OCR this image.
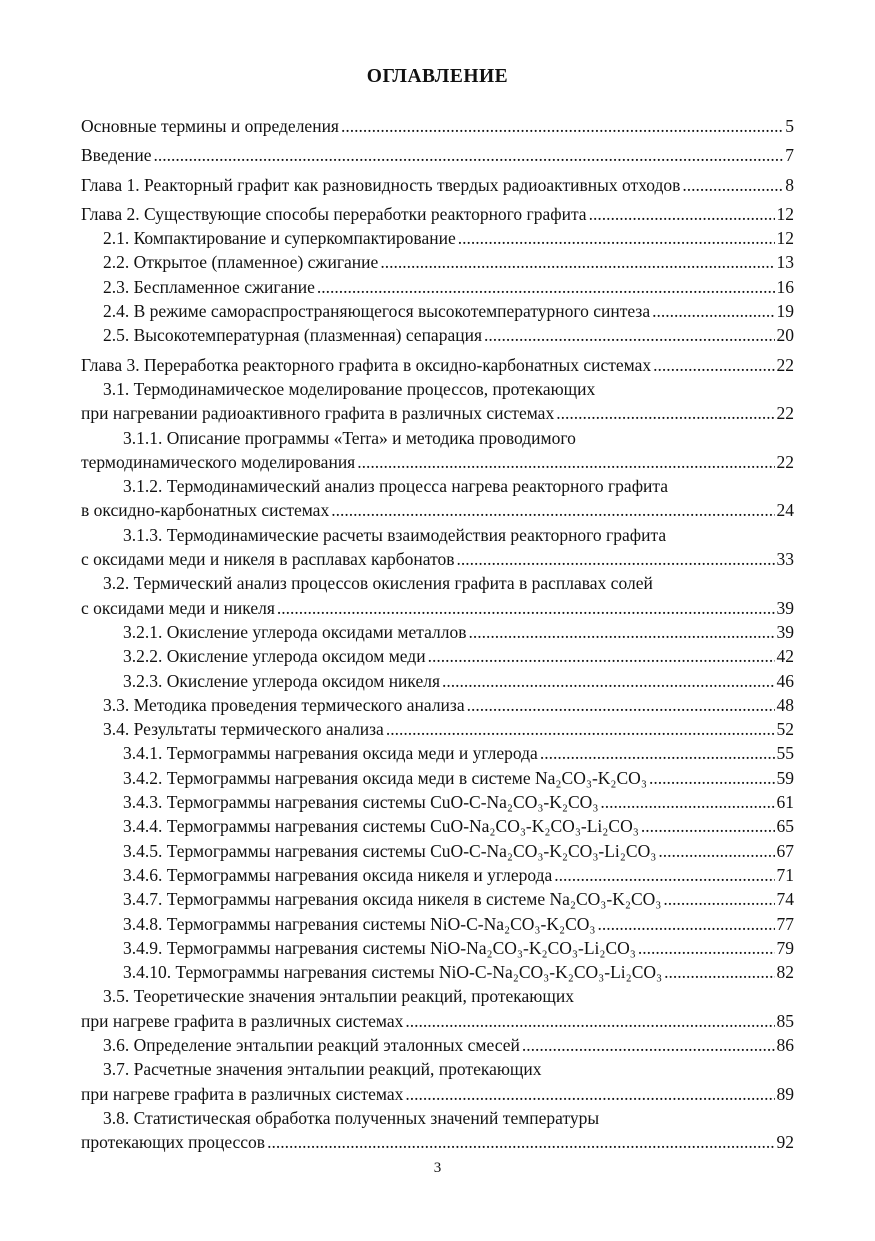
ОГЛАВЛЕНИЕ
Основные термины и определения .....	5
Введение .....	7
Глава 1. Реакторный графит как разновидность твердых радиоактивных отходов .....	8
Глава 2. Существующие способы переработки реакторного графита .....	12
2.1. Компактирование и суперкомпактирование .....	12
2.2. Открытое (пламенное) сжигание .....	13
2.3. Беспламенное сжигание .....	16
2.4. В режиме самораспространяющегося высокотемпературного синтеза .....	19
2.5. Высокотемпературная (плазменная) сепарация .....	20
Глава 3. Переработка реакторного графита в оксидно-карбонатных системах .....	22
3.1. Термодинамическое моделирование процессов, протекающих
при нагревании радиоактивного графита в различных системах .....	22
3.1.1. Описание программы «Terra» и методика проводимого
термодинамического моделирования .....	22
3.1.2. Термодинамический анализ процесса нагрева реакторного графита
в оксидно-карбонатных системах .....	24
3.1.3. Термодинамические расчеты взаимодействия реакторного графита
с оксидами меди и никеля в расплавах карбонатов .....	33
3.2. Термический анализ процессов окисления графита в расплавах солей
с оксидами меди и никеля .....	39
3.2.1. Окисление углерода оксидами металлов .....	39
3.2.2. Окисление углерода оксидом меди .....	42
3.2.3. Окисление углерода оксидом никеля .....	46
3.3. Методика проведения термического анализа .....	48
3.4. Результаты термического анализа .....	52
3.4.1. Термограммы нагревания оксида меди и углерода .....	55
3.4.2. Термограммы нагревания оксида меди в системе Na₂CO₃-K₂CO₃ .....	59
3.4.3. Термограммы нагревания системы CuO-C-Na₂CO₃-K₂CO₃ .....	61
3.4.4. Термограммы нагревания системы CuO-Na₂CO₃-K₂CO₃-Li₂CO₃ .....	65
3.4.5. Термограммы нагревания системы CuO-C-Na₂CO₃-K₂CO₃-Li₂CO₃ .....	67
3.4.6. Термограммы нагревания оксида никеля и углерода .....	71
3.4.7. Термограммы нагревания оксида никеля в системе Na₂CO₃-K₂CO₃ .....	74
3.4.8. Термограммы нагревания системы NiO-C-Na₂CO₃-K₂CO₃ .....	77
3.4.9. Термограммы нагревания системы NiO-Na₂CO₃-K₂CO₃-Li₂CO₃ .....	79
3.4.10. Термограммы нагревания системы NiO-C-Na₂CO₃-K₂CO₃-Li₂CO₃ .....	82
3.5. Теоретические значения энтальпии реакций, протекающих
при нагреве графита в различных системах .....	85
3.6. Определение энтальпии реакций эталонных смесей .....	86
3.7. Расчетные значения энтальпии реакций, протекающих
при нагреве графита в различных системах .....	89
3.8. Статистическая обработка полученных значений температуры
протекающих процессов .....	92
3
